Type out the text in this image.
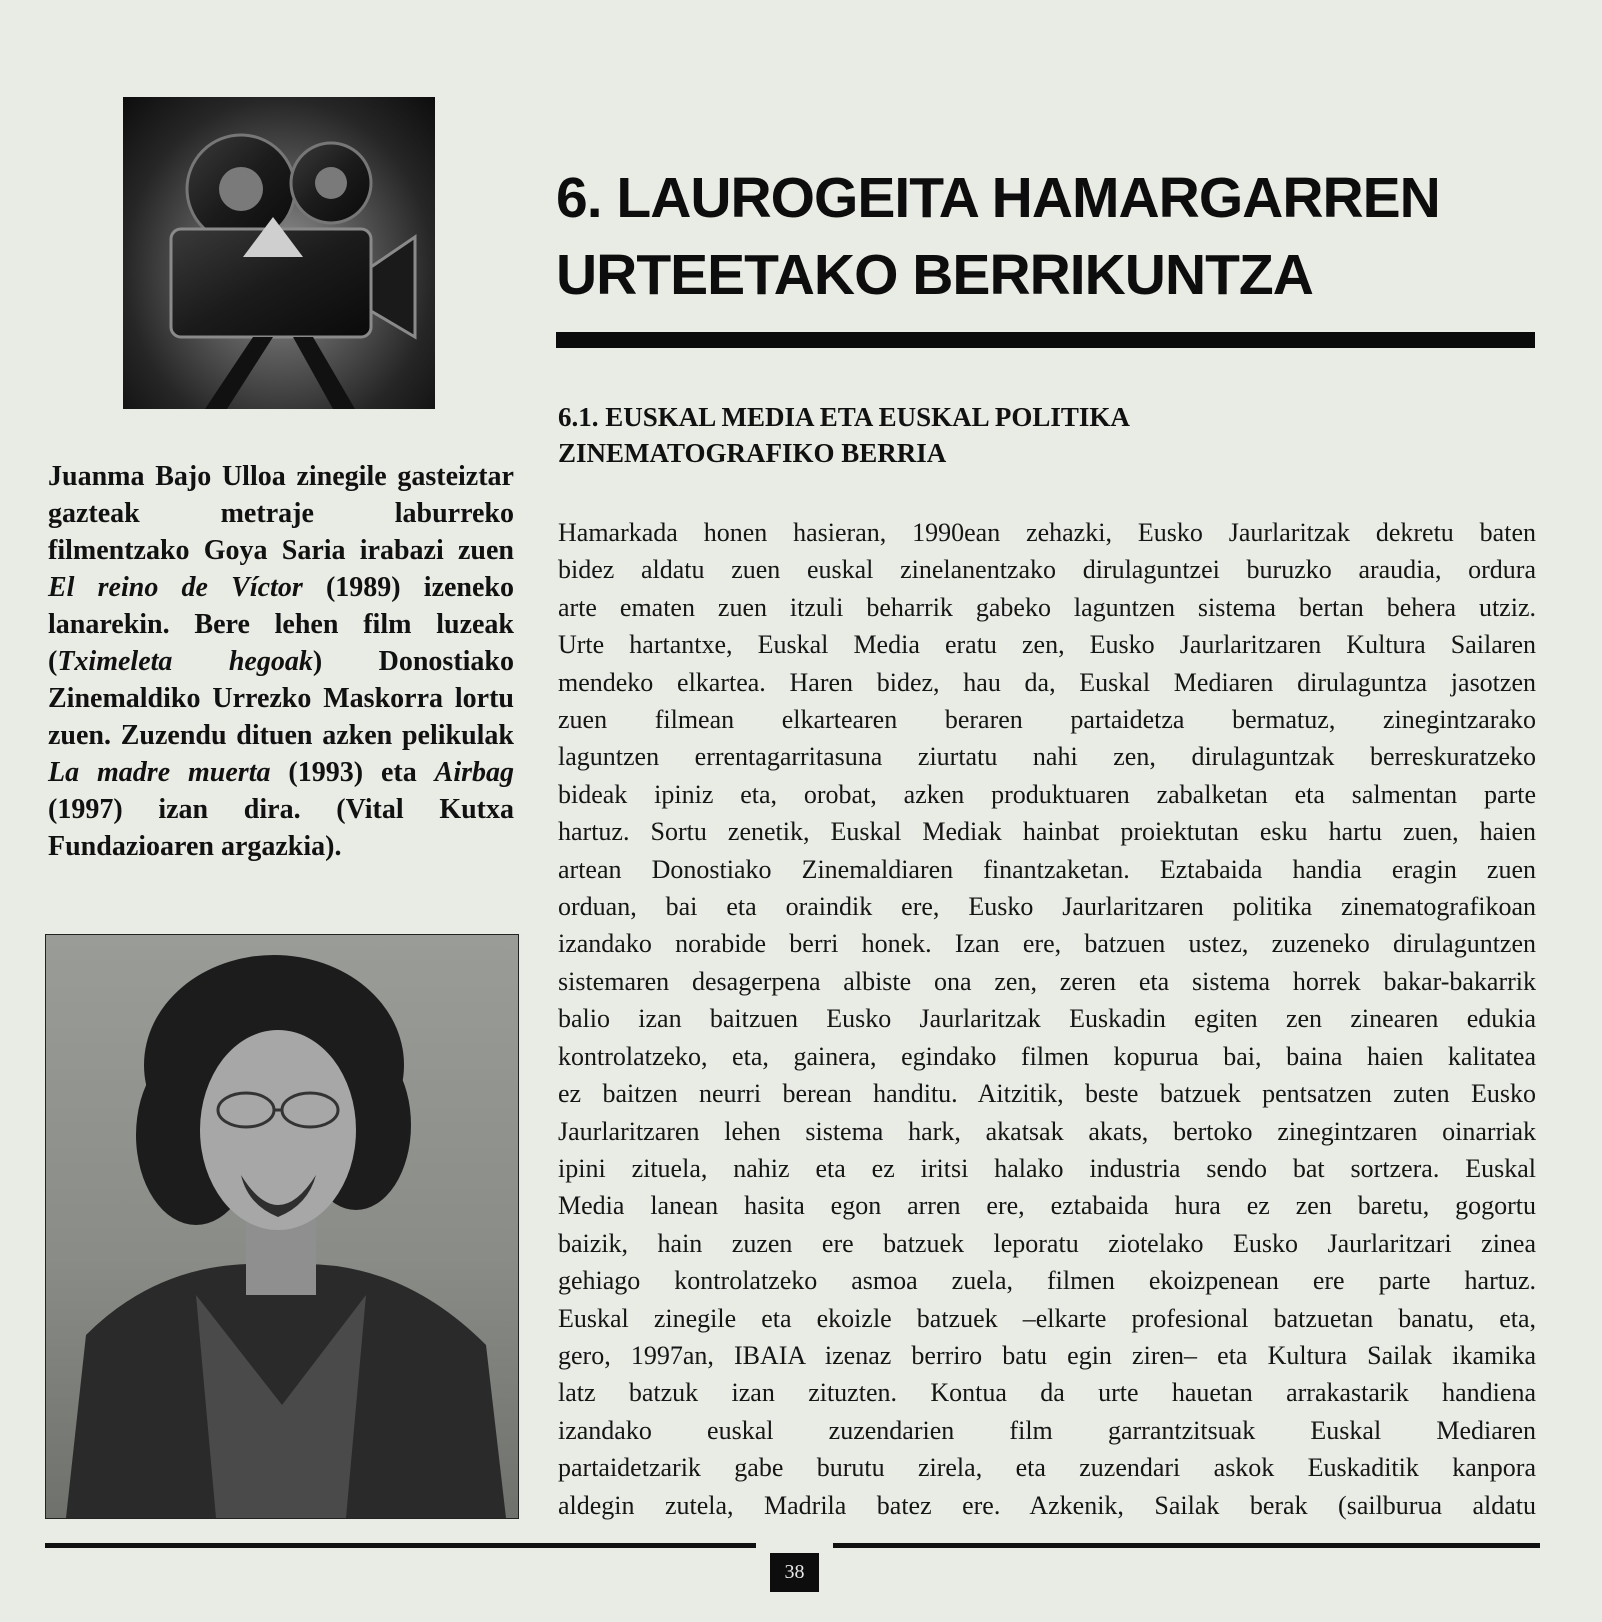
Juanma Bajo Ulloa zinegile gasteiztar gazteak metraje laburreko filmentzako Goya Saria irabazi zuen El reino de Víctor (1989) izeneko lanarekin. Bere lehen film luzeak (Tximeleta hegoak) Donostiako Zinemaldiko Urrezko Maskorra lortu zuen. Zuzendu dituen azken pelikulak La madre muerta (1993) eta Airbag (1997) izan dira. (Vital Kutxa Fundazioaren argazkia).
6. LAUROGEITA HAMARGARREN
URTEETAKO BERRIKUNTZA
6.1. EUSKAL MEDIA ETA EUSKAL POLITIKA
ZINEMATOGRAFIKO BERRIA
Hamarkada honen hasieran, 1990ean zehazki, Eusko Jaurlaritzak dekretu baten
bidez aldatu zuen euskal zinelanentzako dirulaguntzei buruzko araudia, ordura
arte ematen zuen itzuli beharrik gabeko laguntzen sistema bertan behera utziz.
Urte hartantxe, Euskal Media eratu zen, Eusko Jaurlaritzaren Kultura Sailaren
mendeko elkartea. Haren bidez, hau da, Euskal Mediaren dirulaguntza jasotzen
zuen filmean elkartearen beraren partaidetza bermatuz, zinegintzarako
laguntzen errentagarritasuna ziurtatu nahi zen, dirulaguntzak berreskuratzeko
bideak ipiniz eta, orobat, azken produktuaren zabalketan eta salmentan parte
hartuz. Sortu zenetik, Euskal Mediak hainbat proiektutan esku hartu zuen, haien
artean Donostiako Zinemaldiaren finantzaketan. Eztabaida handia eragin zuen
orduan, bai eta oraindik ere, Eusko Jaurlaritzaren politika zinematografikoan
izandako norabide berri honek. Izan ere, batzuen ustez, zuzeneko dirulaguntzen
sistemaren desagerpena albiste ona zen, zeren eta sistema horrek bakar-bakarrik
balio izan baitzuen Eusko Jaurlaritzak Euskadin egiten zen zinearen edukia
kontrolatzeko, eta, gainera, egindako filmen kopurua bai, baina haien kalitatea
ez baitzen neurri berean handitu. Aitzitik, beste batzuek pentsatzen zuten Eusko
Jaurlaritzaren lehen sistema hark, akatsak akats, bertoko zinegintzaren oinarriak
ipini zituela, nahiz eta ez iritsi halako industria sendo bat sortzera. Euskal
Media lanean hasita egon arren ere, eztabaida hura ez zen baretu, gogortu
baizik, hain zuzen ere batzuek leporatu ziotelako Eusko Jaurlaritzari zinea
gehiago kontrolatzeko asmoa zuela, filmen ekoizpenean ere parte hartuz.
Euskal zinegile eta ekoizle batzuek –elkarte profesional batzuetan banatu, eta,
gero, 1997an, IBAIA izenaz berriro batu egin ziren– eta Kultura Sailak ikamika
latz batzuk izan zituzten. Kontua da urte hauetan arrakastarik handiena
izandako euskal zuzendarien film garrantzitsuak Euskal Mediaren
partaidetzarik gabe burutu zirela, eta zuzendari askok Euskaditik kanpora
aldegin zutela, Madrila batez ere. Azkenik, Sailak berak (sailburua aldatu
38
